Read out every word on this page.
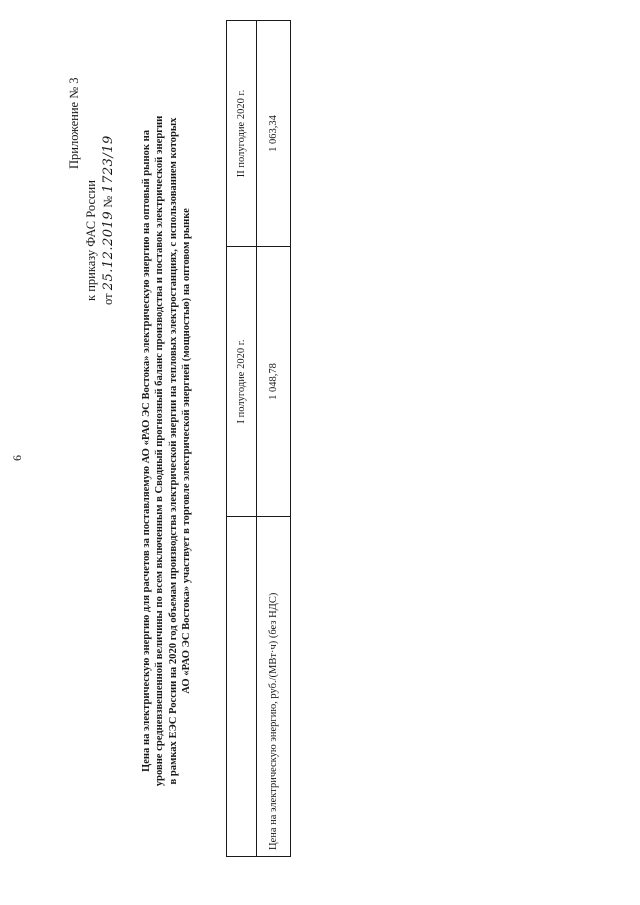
6
Приложение № 3
к приказу ФАС России от 25.12.2019 № 1723/19 Цена на электрическую энергию для расчетов за поставляемую АО «РАО ЭС Востока» электрическую энергию на оптовый рынок на уровне средневзвешенной величины по всем включенным в Сводный прогнозный баланс производства и поставок электрической энергии в рамках ЕЭС России на 2020 год объемам производства электрической энергии на тепловых электростанциях, с использованием которых АО «РАО ЭС Востока» участвует в торговле электрической энергией (мощностью) на оптовом рынке
		I полугодие 2020 г.	II полугодие 2020 г.
Цена на электрическую энергию, руб./(МВт·ч) (без НДС)	1 048,78	1 063,34
